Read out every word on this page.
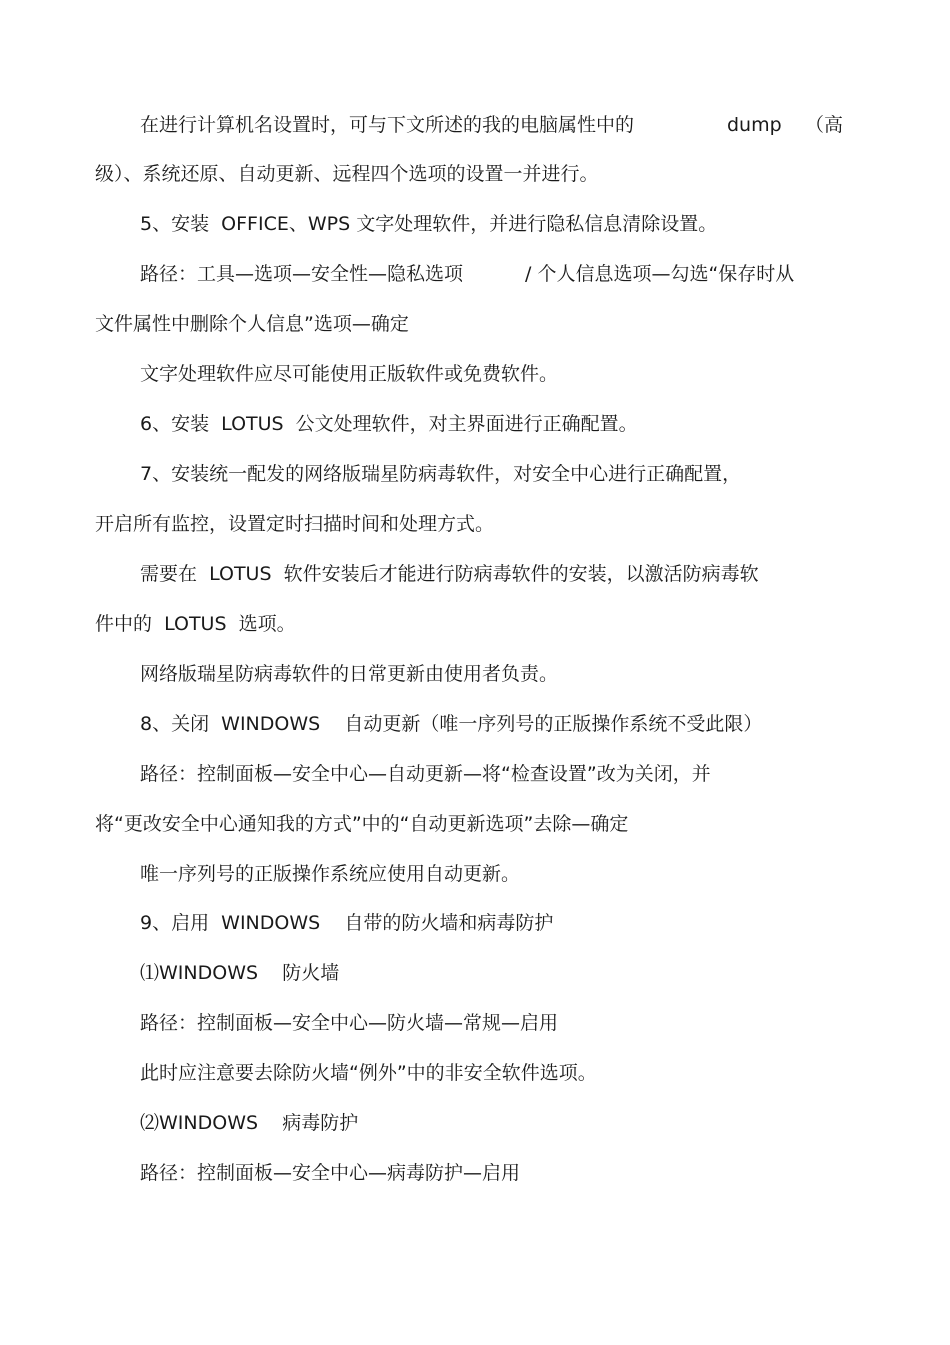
在进行计算机名设置时，可与下文所述的我的电脑属性中的	dump （高
级）、系统还原、自动更新、远程四个选项的设置一并进行。
5、安装  OFFICE、WPS 文字处理软件，并进行隐私信息清除设置。
路径：工具—选项—安全性—隐私选项	/ 个人信息选项—勾选“保存时从
文件属性中删除个人信息”选项—确定
文字处理软件应尽可能使用正版软件或免费软件。
6、安装  LOTUS  公文处理软件，对主界面进行正确配置。
7、安装统一配发的网络版瑞星防病毒软件，对安全中心进行正确配置，
开启所有监控，设置定时扫描时间和处理方式。
需要在  LOTUS  软件安装后才能进行防病毒软件的安装，以激活防病毒软
件中的  LOTUS  选项。
网络版瑞星防病毒软件的日常更新由使用者负责。
8、关闭  WINDOWS    自动更新（唯一序列号的正版操作系统不受此限）
路径：控制面板—安全中心—自动更新—将“检查设置”改为关闭，并
将“更改安全中心通知我的方式”中的“自动更新选项”去除—确定
唯一序列号的正版操作系统应使用自动更新。
9、启用  WINDOWS    自带的防火墙和病毒防护
⑴WINDOWS    防火墙
路径：控制面板—安全中心—防火墙—常规—启用
此时应注意要去除防火墙“例外”中的非安全软件选项。
⑵WINDOWS    病毒防护
路径：控制面板—安全中心—病毒防护—启用
